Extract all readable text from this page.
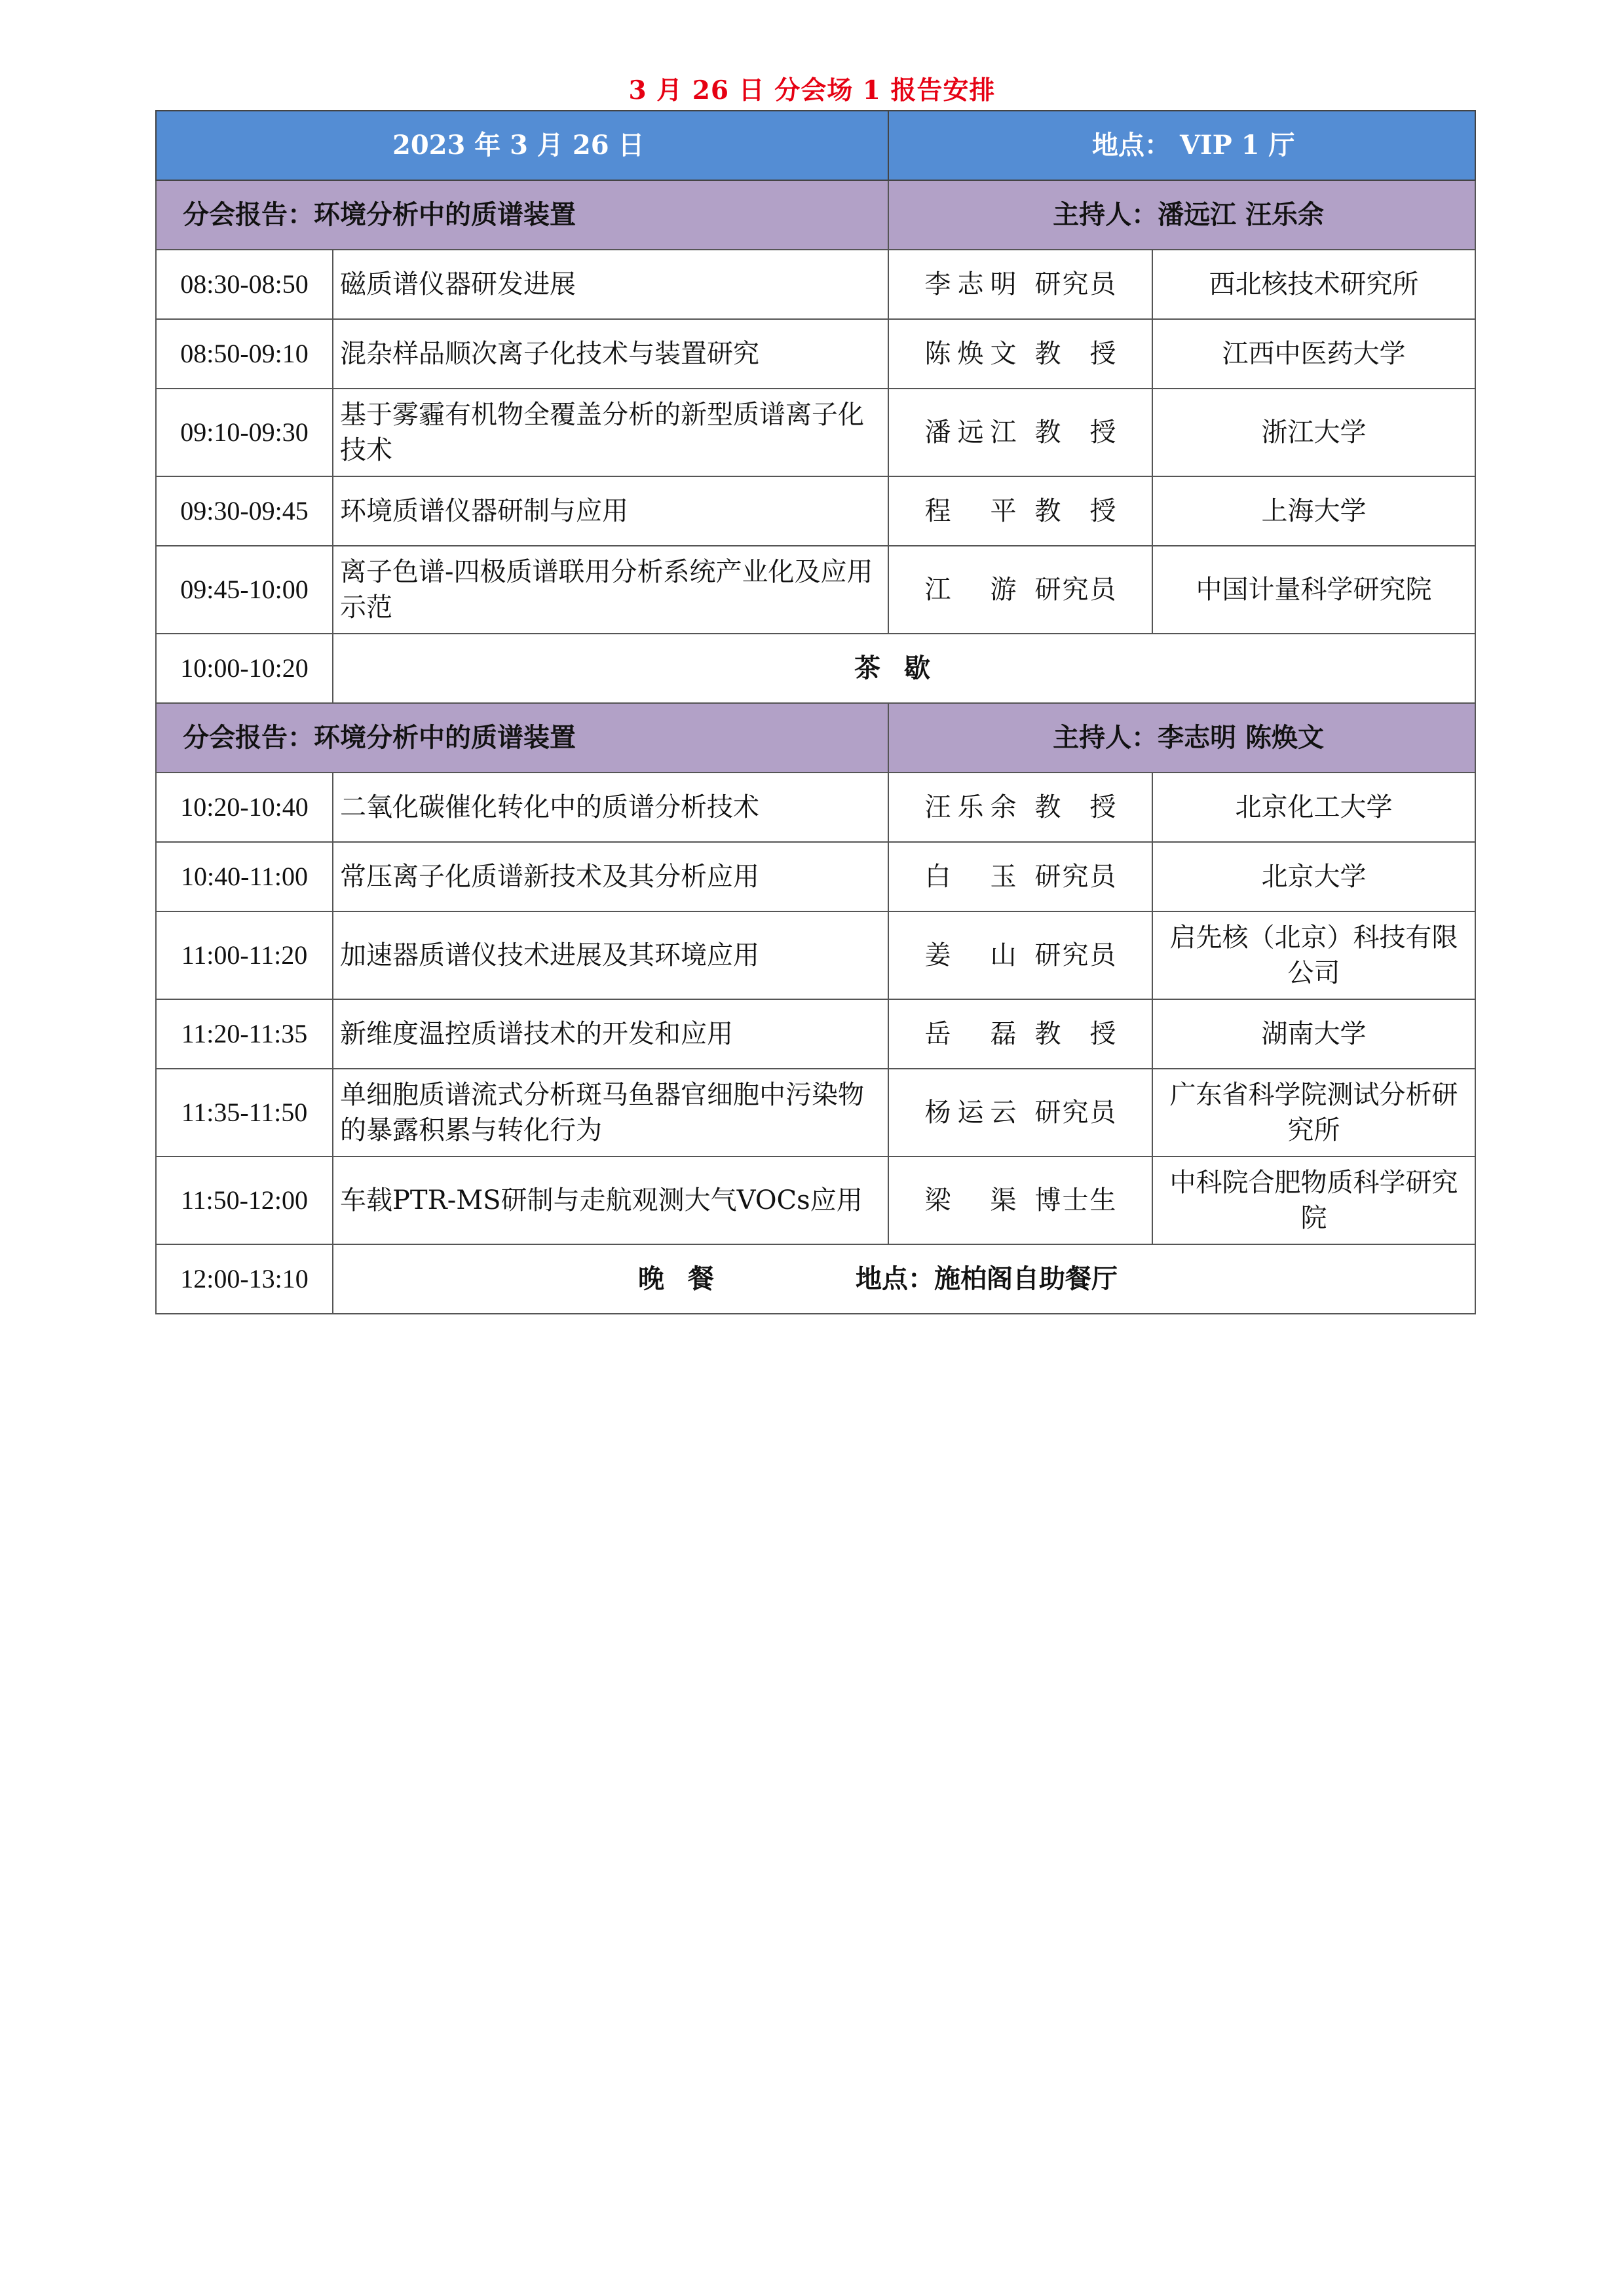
3 月 26 日 分会场 1 报告安排
2023 年 3 月 26 日		地点： VIP 1 厅	
分会报告：环境分析中的质谱装置		主持人：潘远江 汪乐余	
08:30-08:50	磁质谱仪器研发进展	李志明 研究员	西北核技术研究所
08:50-09:10	混杂样品顺次离子化技术与装置研究	陈焕文 教授	江西中医药大学
09:10-09:30	基于雾霾有机物全覆盖分析的新型质谱离子化技术	潘远江 教授	浙江大学
09:30-09:45	环境质谱仪器研制与应用	程平 教授	上海大学
09:45-10:00	离子色谱-四极质谱联用分析系统产业化及应用示范	江游 研究员	中国计量科学研究院
10:00-10:20	茶歇		
分会报告：环境分析中的质谱装置		主持人：李志明 陈焕文	
10:20-10:40	二氧化碳催化转化中的质谱分析技术	汪乐余 教授	北京化工大学
10:40-11:00	常压离子化质谱新技术及其分析应用	白玉 研究员	北京大学
11:00-11:20	加速器质谱仪技术进展及其环境应用	姜山 研究员	启先核（北京）科技有限公司
11:20-11:35	新维度温控质谱技术的开发和应用	岳磊 教授	湖南大学
11:35-11:50	单细胞质谱流式分析斑马鱼器官细胞中污染物的暴露积累与转化行为	杨运云 研究员	广东省科学院测试分析研究所
11:50-12:00	车载PTR-MS研制与走航观测大气VOCs应用	梁渠 博士生	中科院合肥物质科学研究院
12:00-13:10	晚餐 地点：施柏阁自助餐厅		
